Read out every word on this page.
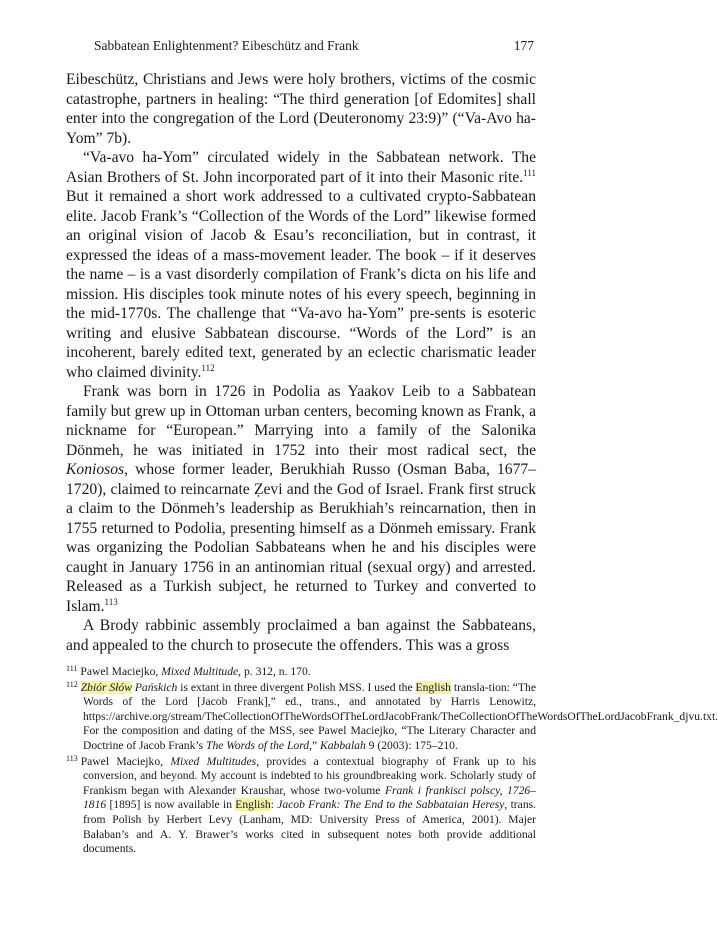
Sabbatean Enlightenment? Eibeschütz and Frank	177

Eibeschütz, Christians and Jews were holy brothers, victims of the cosmic catastrophe, partners in healing: “The third generation [of Edomites] shall enter into the congregation of the Lord (Deuteronomy 23:9)” (“Va-Avo ha-Yom” 7b).

“Va-avo ha-Yom” circulated widely in the Sabbatean network. The Asian Brothers of St. John incorporated part of it into their Masonic rite.$^{111}$ But it remained a short work addressed to a cultivated crypto-Sabbatean elite. Jacob Frank’s “Collection of the Words of the Lord” likewise formed an original vision of Jacob & Esau’s reconciliation, but in contrast, it expressed the ideas of a mass-movement leader. The book – if it deserves the name – is a vast disorderly compilation of Frank’s dicta on his life and mission. His disciples took minute notes of his every speech, beginning in the mid-1770s. The challenge that “Va-avo ha-Yom” pre-sents is esoteric writing and elusive Sabbatean discourse. “Words of the Lord” is an incoherent, barely edited text, generated by an eclectic charismatic leader who claimed divinity.$^{112}$

Frank was born in 1726 in Podolia as Yaakov Leib to a Sabbatean family but grew up in Ottoman urban centers, becoming known as Frank, a nickname for “European.” Marrying into a family of the Salonika Dönmeh, he was initiated in 1752 into their most radical sect, the Koniosos, whose former leader, Berukhiah Russo (Osman Baba, 1677–1720), claimed to reincarnate Ẓevi and the God of Israel. Frank first struck a claim to the Dönmeh’s leadership as Berukhiah’s reincarnation, then in 1755 returned to Podolia, presenting himself as a Dönmeh emissary. Frank was organizing the Podolian Sabbateans when he and his disciples were caught in January 1756 in an antinomian ritual (sexual orgy) and arrested. Released as a Turkish subject, he returned to Turkey and converted to Islam.$^{113}$

A Brody rabbinic assembly proclaimed a ban against the Sabbateans, and appealed to the church to prosecute the offenders. This was a gross

$^{111}$ Pawel Maciejko, Mixed Multitude, p. 312, n. 170.
$^{112}$ Zbiór Słów Pańskich is extant in three divergent Polish MSS. I used the English transla-tion: “The Words of the Lord [Jacob Frank],” ed., trans., and annotated by Harris Lenowitz, https://archive.org/stream/TheCollectionOfTheWordsOfTheLordJacobFrank/TheCollectionOfTheWordsOfTheLordJacobFrank_djvu.txt. For the composition and dating of the MSS, see Pawel Maciejko, “The Literary Character and Doctrine of Jacob Frank’s The Words of the Lord,” Kabbalah 9 (2003): 175–210.
$^{113}$ Pawel Maciejko, Mixed Multitudes, provides a contextual biography of Frank up to his conversion, and beyond. My account is indebted to his groundbreaking work. Scholarly study of Frankism began with Alexander Kraushar, whose two-volume Frank i frankisci polscy, 1726–1816 [1895] is now available in English: Jacob Frank: The End to the Sabbataian Heresy, trans. from Polish by Herbert Levy (Lanham, MD: University Press of America, 2001). Majer Bałaban’s and A. Y. Brawer’s works cited in subsequent notes both provide additional documents.
